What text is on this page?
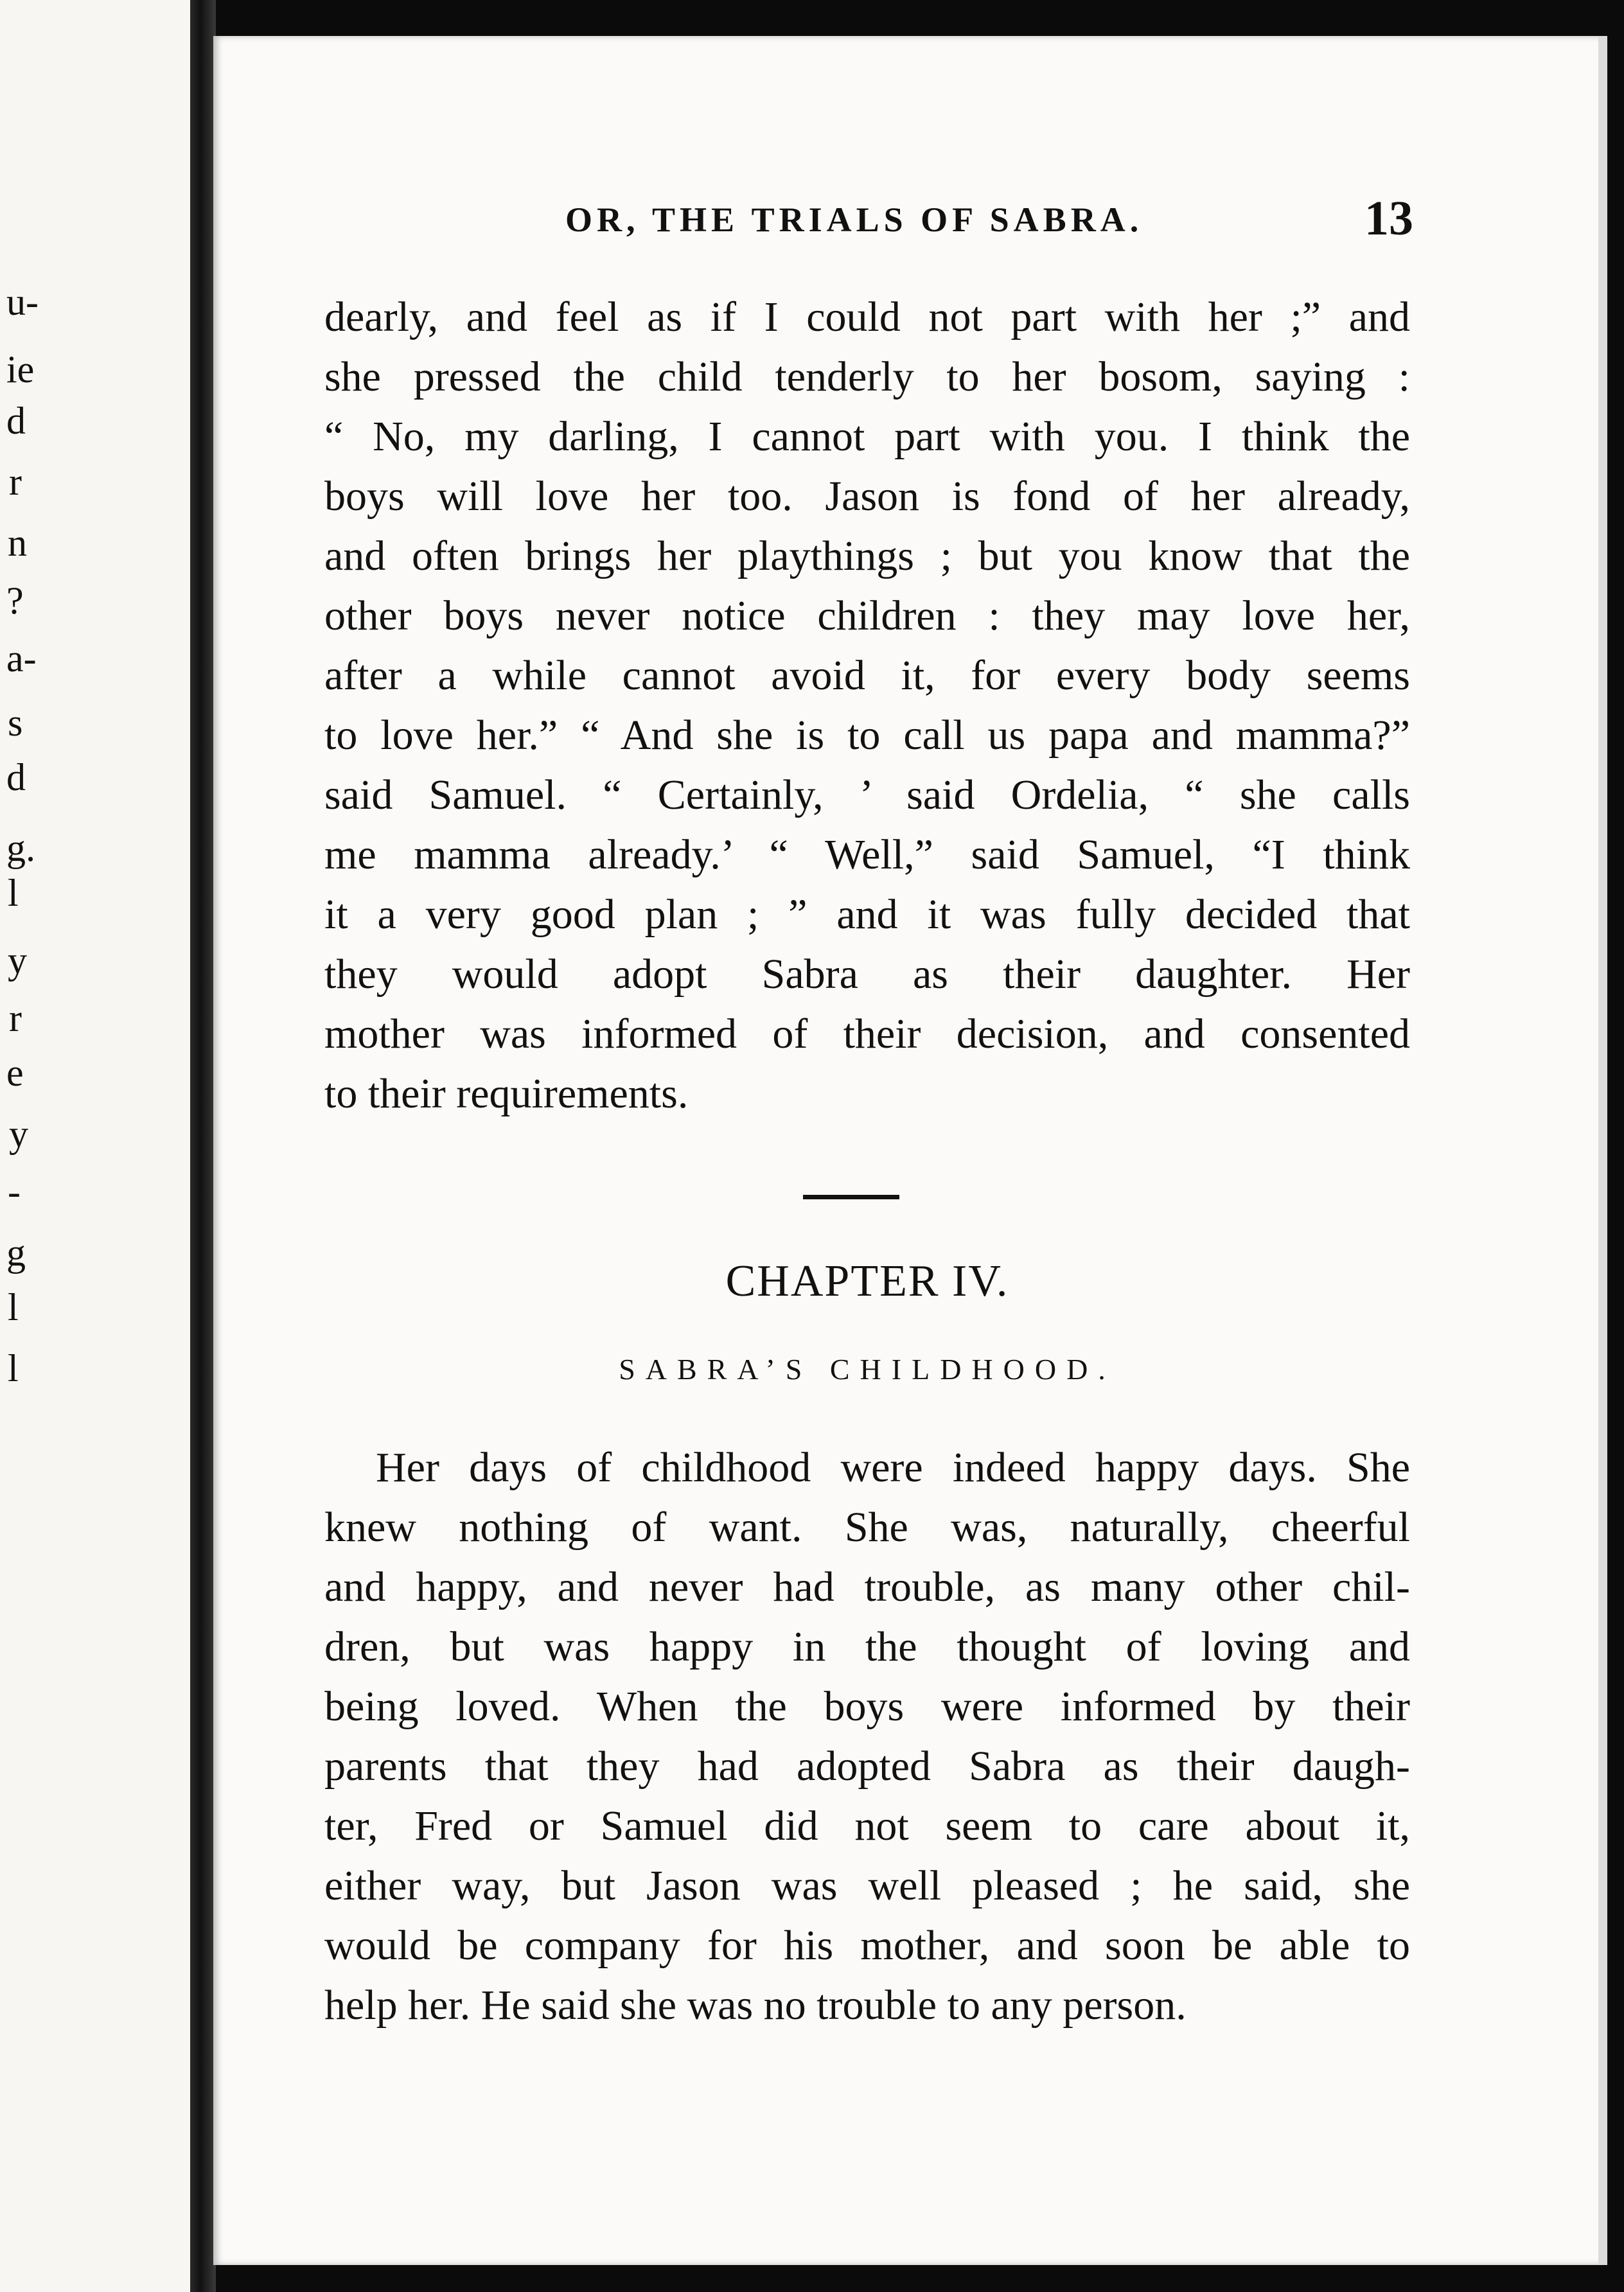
u-
ie
d
r
n
?
a-
s
d
g.
l
y
r
e
y
-
g
l
l
OR, THE TRIALS OF SABRA.	13
dearly, and feel as if I could not part with her ;” and
she pressed the child tenderly to her bosom, saying :
“ No, my darling, I cannot part with you. I think the
boys will love her too. Jason is fond of her already,
and often brings her playthings ; but you know that the
other boys never notice children : they may love her,
after a while cannot avoid it, for every body seems
to love her.” “ And she is to call us papa and mamma?”
said Samuel. “ Certainly, ’ said Ordelia, “ she calls
me mamma already.’ “ Well,” said Samuel, “I think
it a very good plan ; ” and it was fully decided that
they would adopt Sabra as their daughter. Her
mother was informed of their decision, and consented
to their requirements.
CHAPTER IV.
SABRA’S CHILDHOOD.
Her days of childhood were indeed happy days. She
knew nothing of want. She was, naturally, cheerful
and happy, and never had trouble, as many other chil-
dren, but was happy in the thought of loving and
being loved. When the boys were informed by their
parents that they had adopted Sabra as their daugh-
ter, Fred or Samuel did not seem to care about it,
either way, but Jason was well pleased ; he said, she
would be company for his mother, and soon be able to
help her. He said she was no trouble to any person.
